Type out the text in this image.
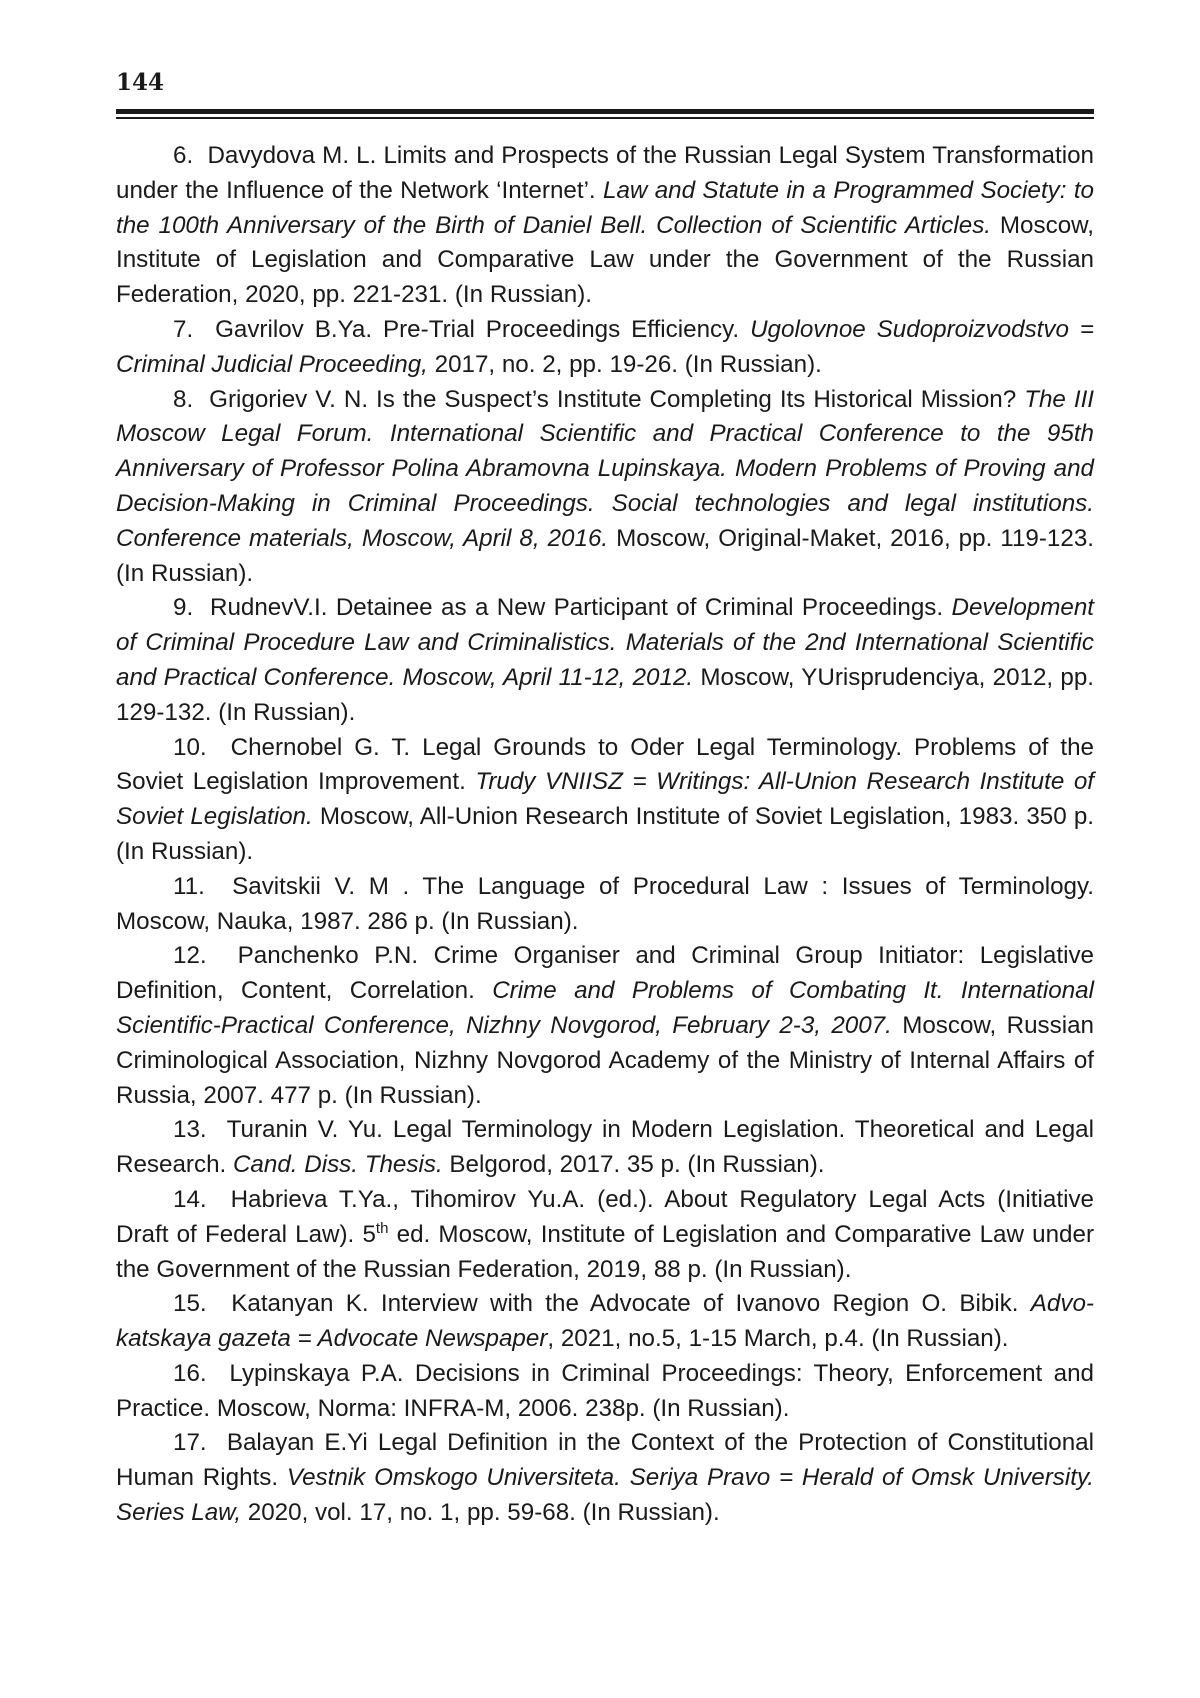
144

6. Davydova M. L. Limits and Prospects of the Russian Legal System Transformation under the Influence of the Network ‘Internet’. Law and Statute in a Programmed Society: to the 100th Anniversary of the Birth of Daniel Bell. Collection of Scientific Articles. Moscow, Institute of Legislation and Comparative Law under the Government of the Russian Federation, 2020, pp. 221-231. (In Russian).

7. Gavrilov B.Ya. Pre-Trial Proceedings Efficiency. Ugolovnoe Sudoproizvodstvo = Criminal Judicial Proceeding, 2017, no. 2, pp. 19-26. (In Russian).

8. Grigoriev V. N. Is the Suspect’s Institute Completing Its Historical Mission? The III Moscow Legal Forum. International Scientific and Practical Conference to the 95th Anniversary of Professor Polina Abramovna Lupinskaya. Modern Problems of Proving and Decision-Making in Criminal Proceedings. Social technologies and legal institutions. Conference materials, Moscow, April 8, 2016. Moscow, Original-Maket, 2016, pp. 119-123. (In Russian).

9. RudnevV.I. Detainee as a New Participant of Criminal Proceedings. Development of Criminal Procedure Law and Criminalistics. Materials of the 2nd International Scientific and Practical Conference. Moscow, April 11-12, 2012. Moscow, YUrisprudenciya, 2012, pp. 129-132. (In Russian).

10. Chernobel G. T. Legal Grounds to Oder Legal Terminology. Problems of the Soviet Legislation Improvement. Trudy VNIISZ = Writings: All-Union Research Institute of Soviet Legislation. Moscow, All-Union Research Institute of Soviet Legislation, 1983. 350 p. (In Russian).

11. Savitskii V. M . The Language of Procedural Law : Issues of Terminology. Moscow, Nauka, 1987. 286 p. (In Russian).

12. Panchenko P.N. Crime Organiser and Criminal Group Initiator: Legislative Definition, Content, Correlation. Crime and Problems of Combating It. International Scientific-Practical Conference, Nizhny Novgorod, February 2-3, 2007. Moscow, Russian Criminological Association, Nizhny Novgorod Academy of the Ministry of Internal Affairs of Russia, 2007. 477 p. (In Russian).

13. Turanin V. Yu. Legal Terminology in Modern Legislation. Theoretical and Legal Research. Cand. Diss. Thesis. Belgorod, 2017. 35 p. (In Russian).

14. Habrieva T.Ya., Tihomirov Yu.A. (ed.). About Regulatory Legal Acts (Initiative Draft of Federal Law). 5th ed. Moscow, Institute of Legislation and Comparative Law under the Government of the Russian Federation, 2019, 88 p. (In Russian).

15. Katanyan K. Interview with the Advocate of Ivanovo Region O. Bibik. Advokatskaya gazeta = Advocate Newspaper, 2021, no.5, 1-15 March, p.4. (In Russian).

16. Lypinskaya P.A. Decisions in Criminal Proceedings: Theory, Enforcement and Practice. Moscow, Norma: INFRA-M, 2006. 238p. (In Russian).

17. Balayan E.Yi Legal Definition in the Context of the Protection of Constitutional Human Rights. Vestnik Omskogo Universiteta. Seriya Pravo = Herald of Omsk University. Series Law, 2020, vol. 17, no. 1, pp. 59-68. (In Russian).
